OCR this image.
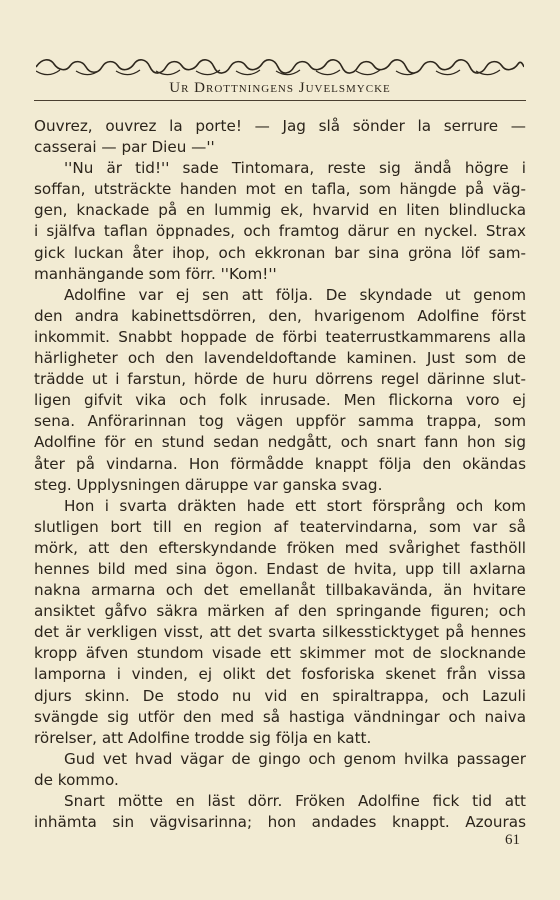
Ur Drottningens Juvelsmycke
Ouvrez, ouvrez la porte! — Jag slå sönder la serrure —
casserai — par Dieu —''
''Nu är tid!'' sade Tintomara, reste sig ändå högre i
soffan, utsträckte handen mot en tafla, som hängde på väg-
gen, knackade på en lummig ek, hvarvid en liten blindlucka
i själfva taflan öppnades, och framtog därur en nyckel. Strax
gick luckan åter ihop, och ekkronan bar sina gröna löf sam-
manhängande som förr. ''Kom!''
Adolfine var ej sen att följa. De skyndade ut genom
den andra kabinettsdörren, den, hvarigenom Adolfine först
inkommit. Snabbt hoppade de förbi teaterrustkammarens alla
härligheter och den lavendeldoftande kaminen. Just som de
trädde ut i farstun, hörde de huru dörrens regel därinne slut-
ligen gifvit vika och folk inrusade. Men flickorna voro ej
sena. Anförarinnan tog vägen uppför samma trappa, som
Adolfine för en stund sedan nedgått, och snart fann hon sig
åter på vindarna. Hon förmådde knappt följa den okändas
steg. Upplysningen däruppe var ganska svag.
Hon i svarta dräkten hade ett stort försprång och kom
slutligen bort till en region af teatervindarna, som var så
mörk, att den efterskyndande fröken med svårighet fasthöll
hennes bild med sina ögon. Endast de hvita, upp till axlarna
nakna armarna och det emellanåt tillbakavända, än hvitare
ansiktet gåfvo säkra märken af den springande figuren; och
det är verkligen visst, att det svarta silkessticktyget på hennes
kropp äfven stundom visade ett skimmer mot de slocknande
lamporna i vinden, ej olikt det fosforiska skenet från vissa
djurs skinn. De stodo nu vid en spiraltrappa, och Lazuli
svängde sig utför den med så hastiga vändningar och naiva
rörelser, att Adolfine trodde sig följa en katt.
Gud vet hvad vägar de gingo och genom hvilka passager
de kommo.
Snart mötte en läst dörr. Fröken Adolfine fick tid att
inhämta sin vägvisarinna; hon andades knappt. Azouras
61
